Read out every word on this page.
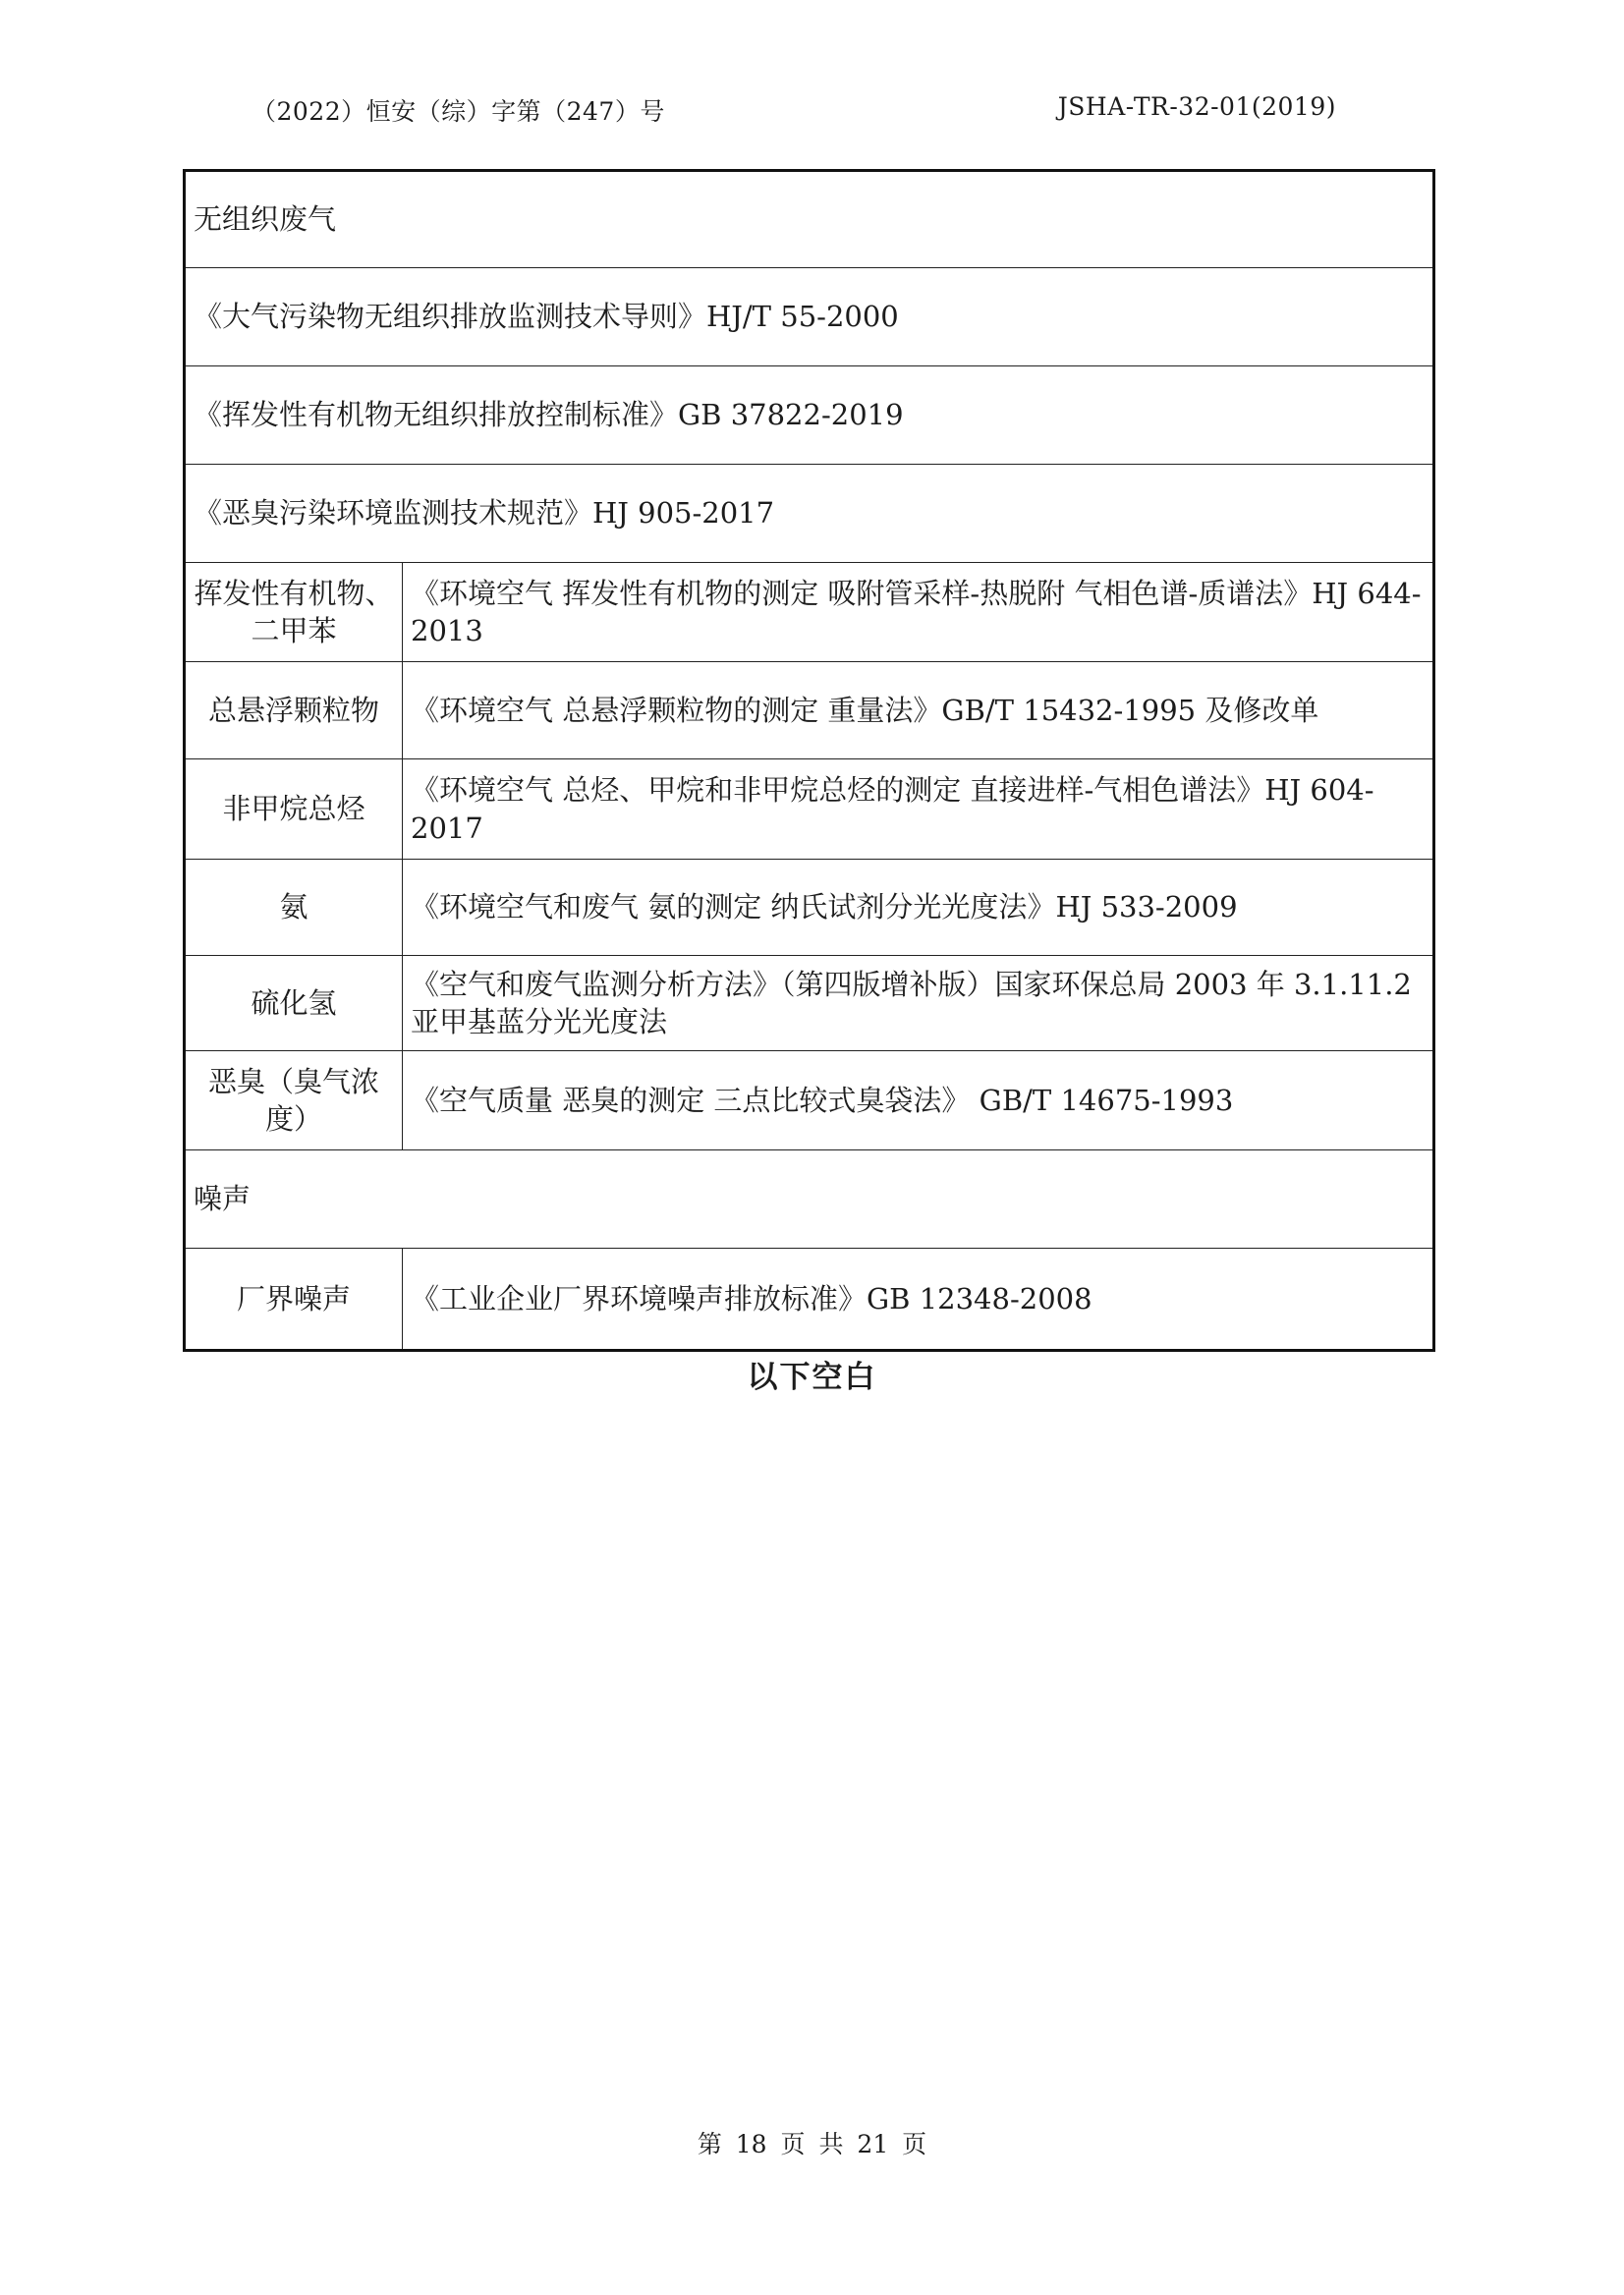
（2022）恒安（综）字第（247）号	JSHA-TR-32-01(2019)
无组织废气	
《大气污染物无组织排放监测技术导则》HJ/T 55-2000	
《挥发性有机物无组织排放控制标准》GB 37822-2019	
《恶臭污染环境监测技术规范》HJ 905-2017	
挥发性有机物、二甲苯	《环境空气 挥发性有机物的测定 吸附管采样-热脱附 气相色谱-质谱法》HJ 644-2013
总悬浮颗粒物	《环境空气 总悬浮颗粒物的测定 重量法》GB/T 15432-1995 及修改单
非甲烷总烃	《环境空气 总烃、甲烷和非甲烷总烃的测定 直接进样-气相色谱法》HJ 604-2017
氨	《环境空气和废气 氨的测定 纳氏试剂分光光度法》HJ 533-2009
硫化氢	《空气和废气监测分析方法》（第四版增补版）国家环保总局 2003 年 3.1.11.2 亚甲基蓝分光光度法
恶臭（臭气浓度）	《空气质量 恶臭的测定 三点比较式臭袋法》 GB/T 14675-1993
噪声	
厂界噪声	《工业企业厂界环境噪声排放标准》GB 12348-2008
以下空白
第 18 页 共 21 页
